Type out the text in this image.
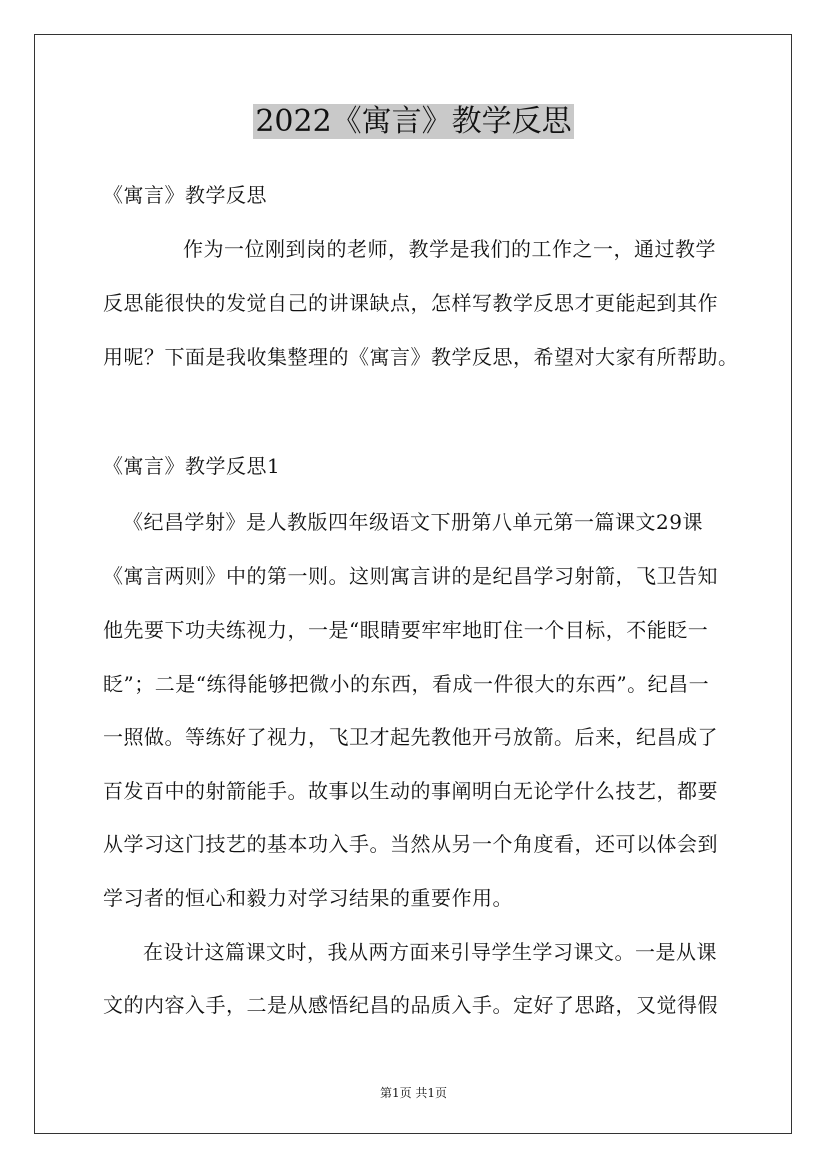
2022《寓言》教学反思
《寓言》教学反思
作为一位刚到岗的老师，教学是我们的工作之一，通过教学
反思能很快的发觉自己的讲课缺点，怎样写教学反思才更能起到其作
用呢？下面是我收集整理的《寓言》教学反思，希望对大家有所帮助。
《寓言》教学反思1
《纪昌学射》是人教版四年级语文下册第八单元第一篇课文29课
《寓言两则》中的第一则。这则寓言讲的是纪昌学习射箭，飞卫告知
他先要下功夫练视力，一是“眼睛要牢牢地盯住一个目标，不能眨一
眨”；二是“练得能够把微小的东西，看成一件很大的东西”。纪昌一
一照做。等练好了视力，飞卫才起先教他开弓放箭。后来，纪昌成了
百发百中的射箭能手。故事以生动的事阐明白无论学什么技艺，都要
从学习这门技艺的基本功入手。当然从另一个角度看，还可以体会到
学习者的恒心和毅力对学习结果的重要作用。
在设计这篇课文时，我从两方面来引导学生学习课文。一是从课
文的内容入手，二是从感悟纪昌的品质入手。定好了思路，又觉得假
第1页 共1页
